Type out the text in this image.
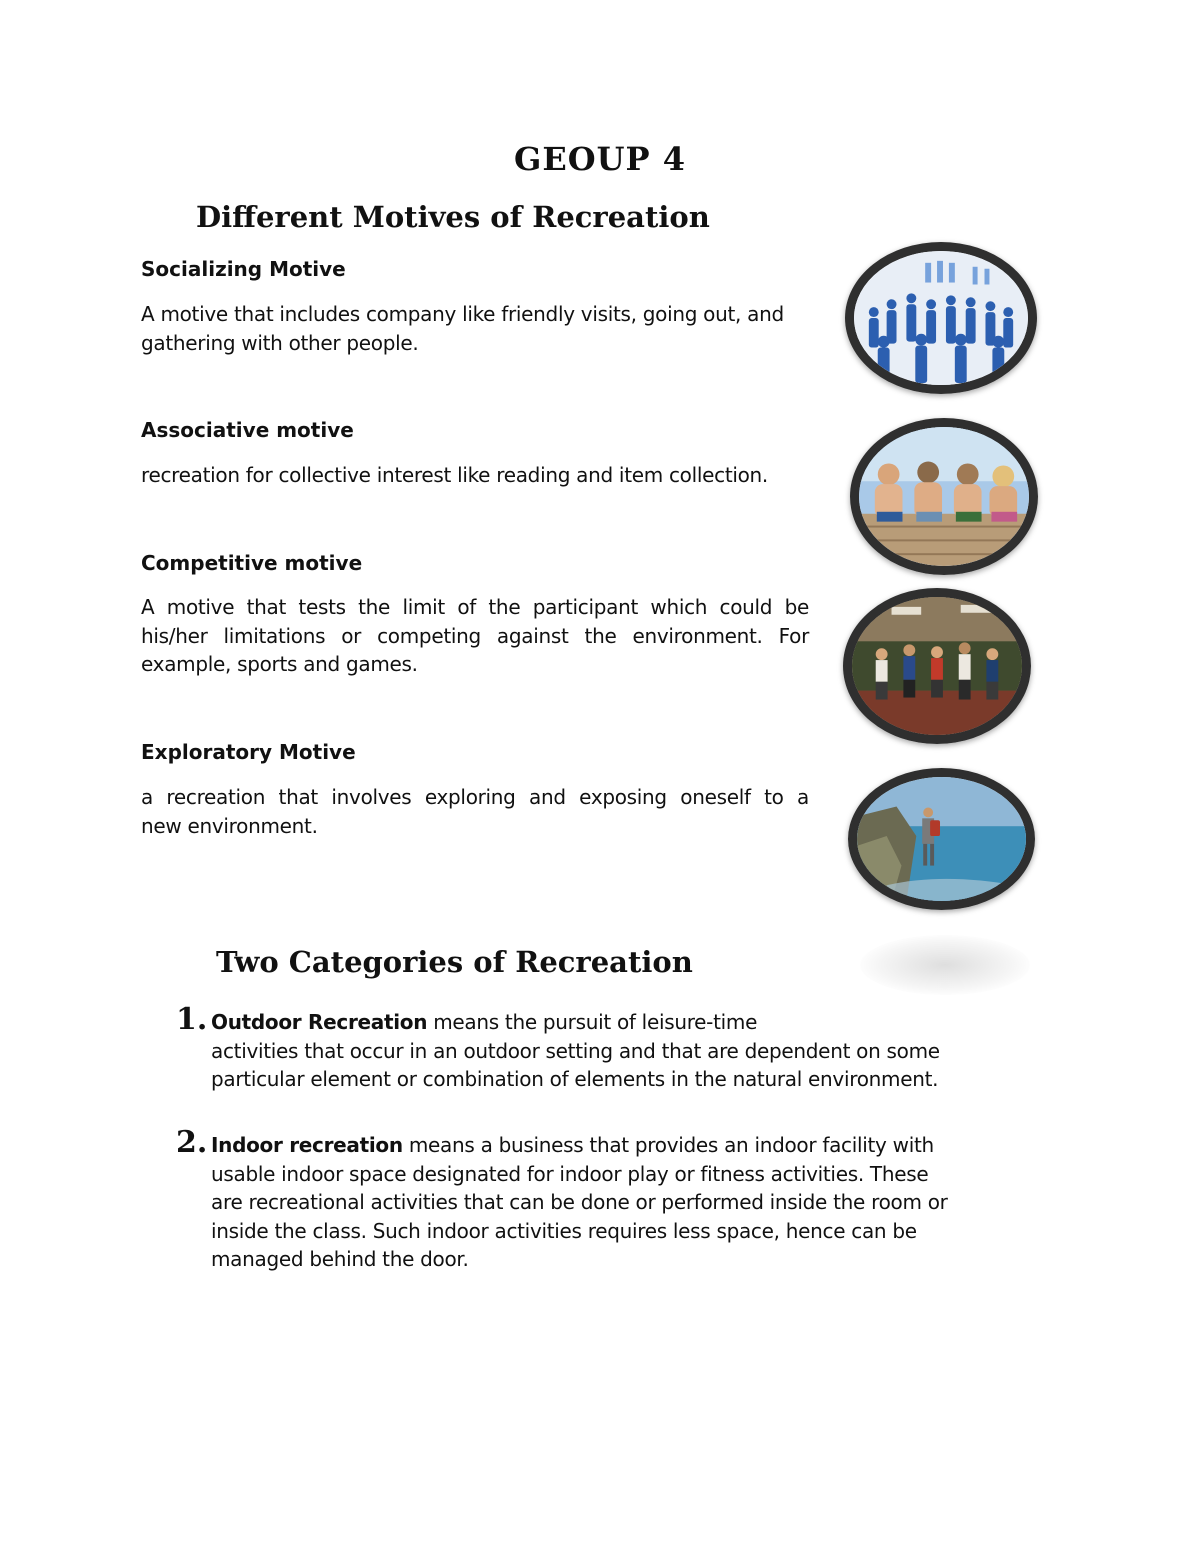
GEOUP 4
Different Motives of Recreation
Socializing Motive
A motive that includes company like friendly visits, going out, and
gathering with other people.
Associative motive
recreation for collective interest like reading and item collection.
Competitive motive
A motive that tests the limit of the participant which could be
his/her limitations or competing against the environment. For
example, sports and games.
Exploratory Motive
a recreation that involves exploring and exposing oneself to a
new environment.
Two Categories of Recreation
1. Outdoor Recreation means the pursuit of leisure-time
activities that occur in an outdoor setting and that are dependent on some
particular element or combination of elements in the natural environment.
2. Indoor recreation means a business that provides an indoor facility with
usable indoor space designated for indoor play or fitness activities. These
are recreational activities that can be done or performed inside the room or
inside the class. Such indoor activities requires less space, hence can be
managed behind the door.
